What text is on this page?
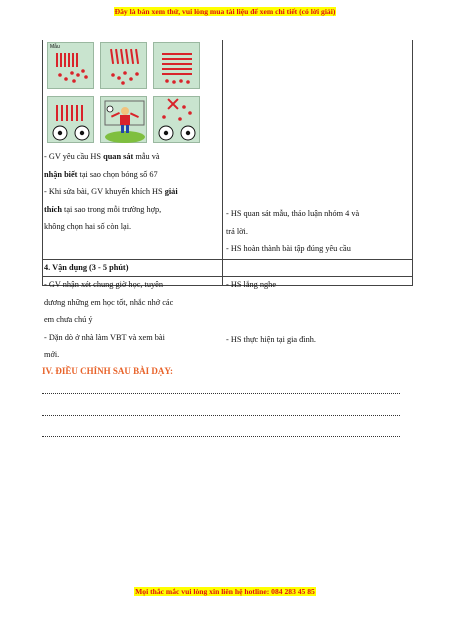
Đây là bản xem thử, vui lòng mua tài liệu để xem chi tiết (có lời giải)
Mẫu
- GV yêu cầu HS quan sát mẫu và
nhận biết tại sao chọn bóng số 67
- Khi sửa bài, GV khuyến khích HS giải
thích tại sao trong mỗi trường hợp,
không chọn hai số còn lại.
- HS quan sát mẫu, thảo luận nhóm 4 và
trả lời.
- HS hoàn thành bài tập đúng yêu cầu
4. Vận dụng (3 - 5 phút)
- GV nhận xét chung giờ học, tuyên
dương những em học tốt, nhắc nhở các
em chưa chú ý
- Dặn dò ở nhà làm VBT và xem bài
mới.
- HS lắng nghe
- HS thực hiện tại gia đình.
IV. ĐIỀU CHỈNH SAU BÀI DẠY:
Mọi thắc mắc vui lòng xin liên hệ hotline: 084 283 45 85
